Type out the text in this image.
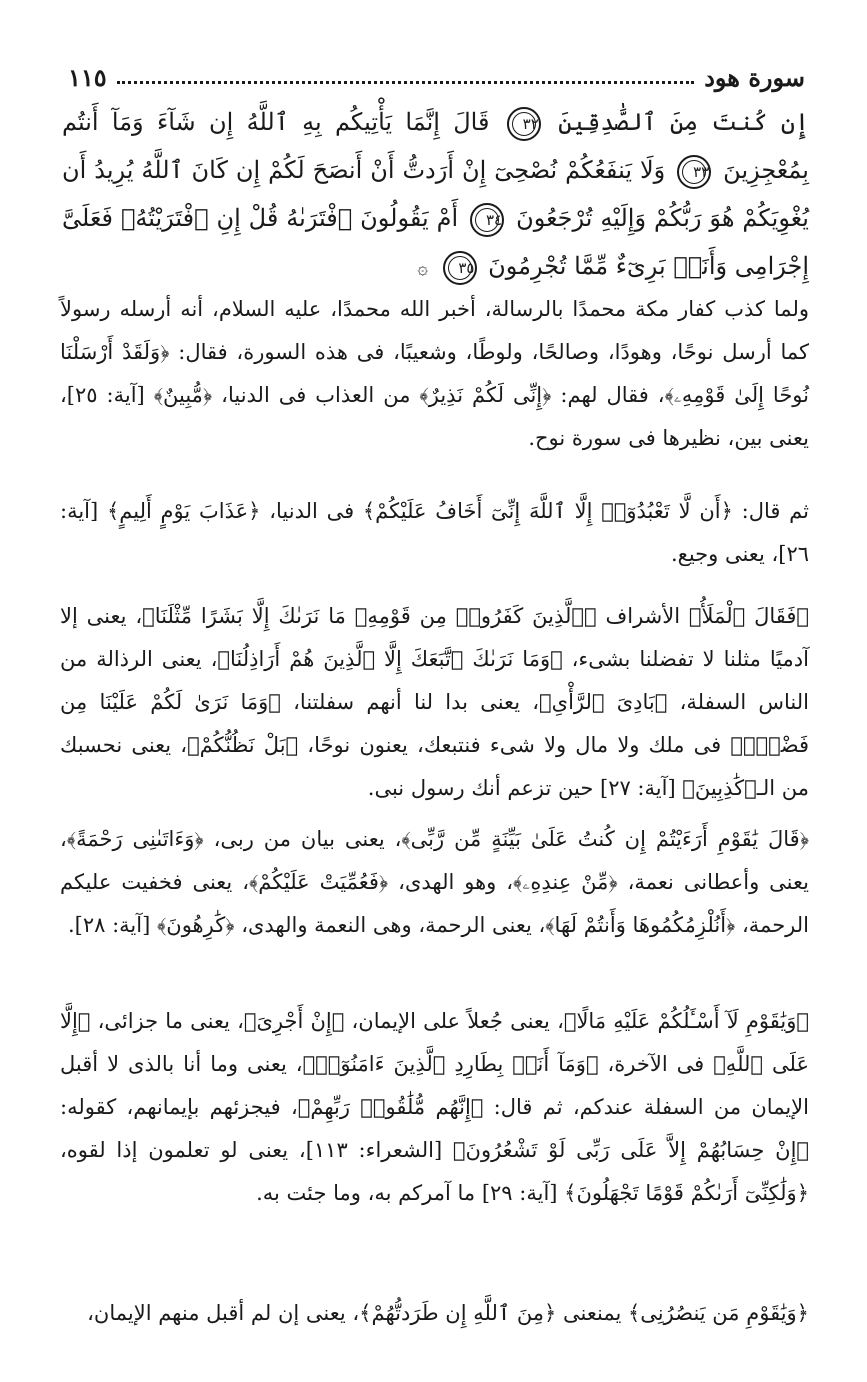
سورة هود
١١٥
إِن كُنتَ مِنَ ٱلصَّٰدِقِينَ ٣٢ قَالَ إِنَّمَا يَأْتِيكُم بِهِ ٱللَّهُ إِن شَآءَ وَمَآ أَنتُم بِمُعْجِزِينَ ٣٣ وَلَا يَنفَعُكُمْ نُصْحِىٓ إِنْ أَرَدتُّ أَنْ أَنصَحَ لَكُمْ إِن كَانَ ٱللَّهُ يُرِيدُ أَن يُغْوِيَكُمْ هُوَ رَبُّكُمْ وَإِلَيْهِ تُرْجَعُونَ ٣٤ أَمْ يَقُولُونَ ٱفْتَرَىٰهُ قُلْ إِنِ ٱفْتَرَيْتُهُۥ فَعَلَىَّ إِجْرَامِى وَأَنَا۠ بَرِىٓءٌ مِّمَّا تُجْرِمُونَ ٣٥ ۞

ولما كذب كفار مكة محمدًا بالرسالة، أخبر الله محمدًا، عليه السلام، أنه أرسله رسولاً كما أرسل نوحًا، وهودًا، وصالحًا، ولوطًا، وشعيبًا، فى هذه السورة، فقال: ﴿وَلَقَدْ أَرْسَلْنَا نُوحًا إِلَىٰ قَوْمِهِۦ﴾، فقال لهم: ﴿إِنِّى لَكُمْ نَذِيرٌ﴾ من العذاب فى الدنيا، ﴿مُّبِينٌ﴾ [آية: ٢٥]، يعنى بين، نظيرها فى سورة نوح.

ثم قال: ﴿أَن لَّا تَعْبُدُوٓا۟ إِلَّا ٱللَّهَ إِنِّىٓ أَخَافُ عَلَيْكُمْ﴾ فى الدنيا، ﴿عَذَابَ يَوْمٍ أَلِيمٍ﴾ [آية: ٢٦]، يعنى وجيع.

﴿فَقَالَ ٱلْمَلَأُ﴾ الأشراف ﴿ٱلَّذِينَ كَفَرُوا۟ مِن قَوْمِهِۦ مَا نَرَىٰكَ إِلَّا بَشَرًا مِّثْلَنَا﴾، يعنى إلا آدميًا مثلنا لا تفضلنا بشىء، ﴿وَمَا نَرَىٰكَ ٱتَّبَعَكَ إِلَّا ٱلَّذِينَ هُمْ أَرَاذِلُنَا﴾، يعنى الرذالة من الناس السفلة، ﴿بَادِىَ ٱلرَّأْىِ﴾، يعنى بدا لنا أنهم سفلتنا، ﴿وَمَا نَرَىٰ لَكُمْ عَلَيْنَا مِن فَضْلٍۭ﴾ فى ملك ولا مال ولا شىء فنتبعك، يعنون نوحًا، ﴿بَلْ نَظُنُّكُمْ﴾، يعنى نحسبك من الـ﴿كَٰذِبِينَ﴾ [آية: ٢٧] حين تزعم أنك رسول نبى.

﴿قَالَ يَٰقَوْمِ أَرَءَيْتُمْ إِن كُنتُ عَلَىٰ بَيِّنَةٍ مِّن رَّبِّى﴾، يعنى بيان من ربى، ﴿وَءَاتَىٰنِى رَحْمَةً﴾، يعنى وأعطانى نعمة، ﴿مِّنْ عِندِهِۦ﴾، وهو الهدى، ﴿فَعُمِّيَتْ عَلَيْكُمْ﴾، يعنى فخفيت عليكم الرحمة، ﴿أَنُلْزِمُكُمُوهَا وَأَنتُمْ لَهَا﴾، يعنى الرحمة، وهى النعمة والهدى، ﴿كَٰرِهُونَ﴾ [آية: ٢٨].

﴿وَيَٰقَوْمِ لَآ أَسْـَٔلُكُمْ عَلَيْهِ مَالًا﴾، يعنى جُعلاً على الإيمان، ﴿إِنْ أَجْرِىَ﴾، يعنى ما جزائى، ﴿إِلَّا عَلَى ٱللَّهِ﴾ فى الآخرة، ﴿وَمَآ أَنَا۠ بِطَارِدِ ٱلَّذِينَ ءَامَنُوٓا۟﴾، يعنى وما أنا بالذى لا أقبل الإيمان من السفلة عندكم، ثم قال: ﴿إِنَّهُم مُّلَٰقُوا۟ رَبِّهِمْ﴾، فيجزئهم بإيمانهم، كقوله: ﴿إِنْ حِسَابُهُمْ إِلاَّ عَلَى رَبِّى لَوْ تَشْعُرُونَ﴾ [الشعراء: ١١٣]، يعنى لو تعلمون إذا لقوه، ﴿وَلَٰكِنِّىٓ أَرَىٰكُمْ قَوْمًا تَجْهَلُونَ﴾ [آية: ٢٩] ما آمركم به، وما جئت به.

﴿وَيَٰقَوْمِ مَن يَنصُرُنِى﴾ يمنعنى ﴿مِنَ ٱللَّهِ إِن طَرَدتُّهُمْ﴾، يعنى إن لم أقبل منهم الإيمان،
